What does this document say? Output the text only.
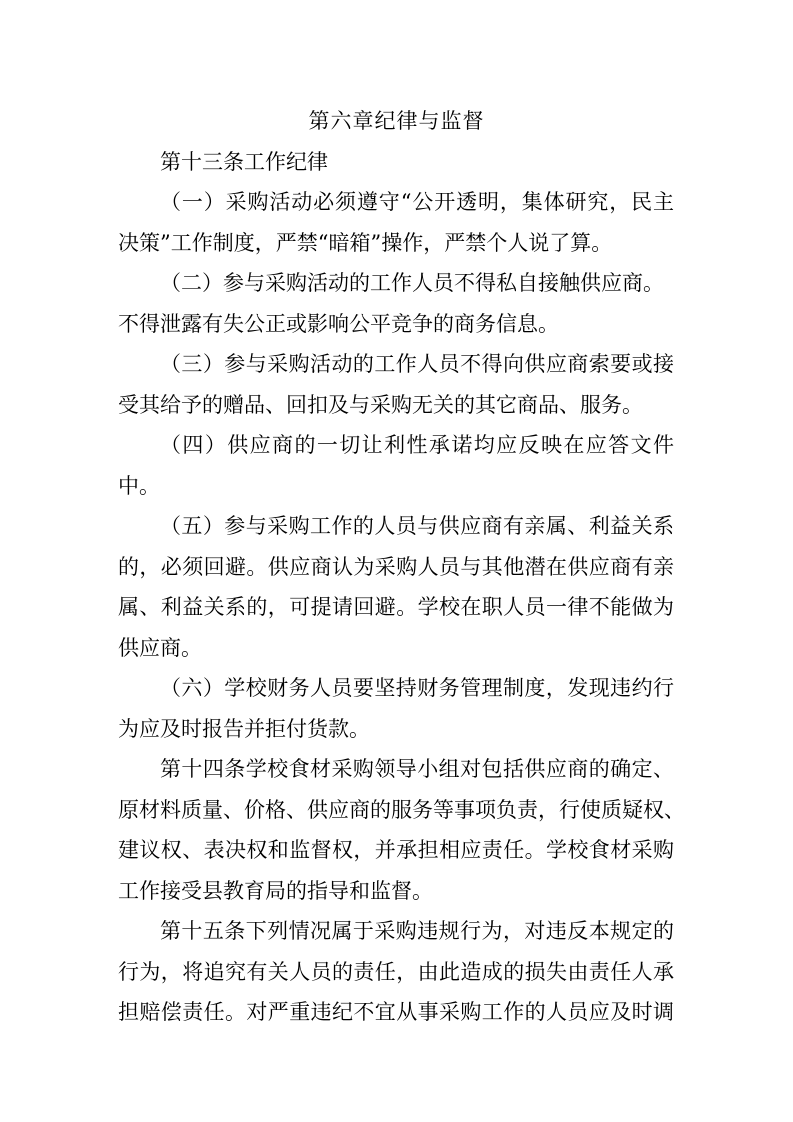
第六章纪律与监督
第十三条工作纪律
（一）采购活动必须遵守“公开透明，集体研究，民主
决策”工作制度，严禁“暗箱”操作，严禁个人说了算。
（二）参与采购活动的工作人员不得私自接触供应商。
不得泄露有失公正或影响公平竞争的商务信息。
（三）参与采购活动的工作人员不得向供应商索要或接
受其给予的赠品、回扣及与采购无关的其它商品、服务。
（四）供应商的一切让利性承诺均应反映在应答文件
中。
（五）参与采购工作的人员与供应商有亲属、利益关系
的，必须回避。供应商认为采购人员与其他潜在供应商有亲
属、利益关系的，可提请回避。学校在职人员一律不能做为
供应商。
（六）学校财务人员要坚持财务管理制度，发现违约行
为应及时报告并拒付货款。
第十四条学校食材采购领导小组对包括供应商的确定、
原材料质量、价格、供应商的服务等事项负责，行使质疑权、
建议权、表决权和监督权，并承担相应责任。学校食材采购
工作接受县教育局的指导和监督。
第十五条下列情况属于采购违规行为，对违反本规定的
行为，将追究有关人员的责任，由此造成的损失由责任人承
担赔偿责任。对严重违纪不宜从事采购工作的人员应及时调
